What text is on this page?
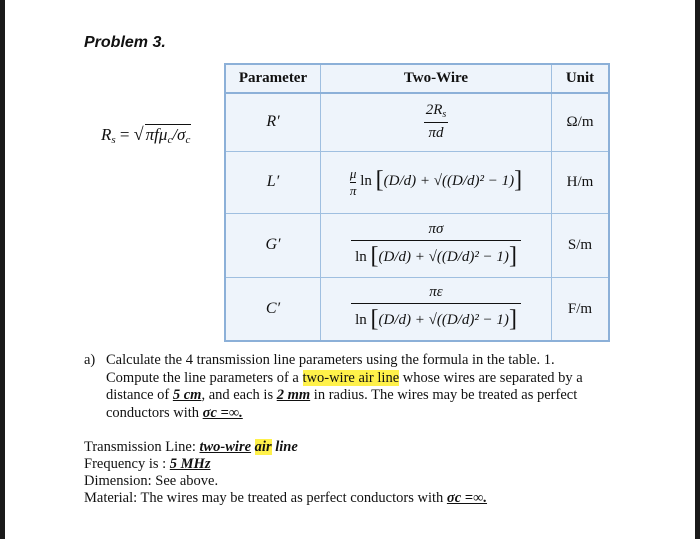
Problem 3.
$R_s$ = √ $\pi f\mu_c/\sigma_c$
Parameter	Two-Wire	Unit
R′	$\frac{2R_s}{\pi d}$	Ω/m
L′	$\frac{\mu}{\pi}$ ln [(D/d) + √((D/d)² − 1)]	H/m
G′	$\frac{\pi\sigma}{\text{ln [(D/d) + √((D/d)² − 1)]}}$	S/m
C′	$\frac{\pi\varepsilon}{\text{ln [(D/d) + √((D/d)² − 1)]}}$	F/m
a) Calculate the 4 transmission line parameters using the formula in the table. 1. Compute the line parameters of a two-wire air line whose wires are separated by a distance of 5 cm, and each is 2 mm in radius. The wires may be treated as perfect conductors with σc =∞.
Transmission Line: two-wire air line
Frequency is : 5 MHz
Dimension: See above.
Material: The wires may be treated as perfect conductors with σc =∞.
